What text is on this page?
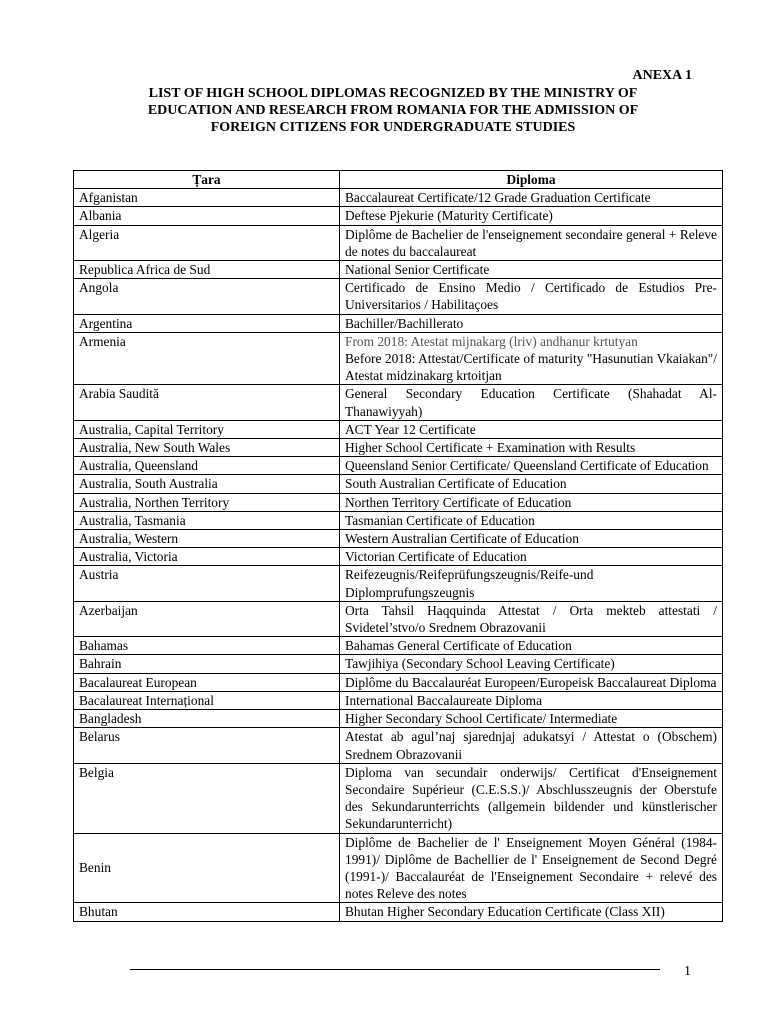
ANEXA 1
LIST OF HIGH SCHOOL DIPLOMAS RECOGNIZED BY THE MINISTRY OF
EDUCATION AND RESEARCH FROM ROMANIA FOR THE ADMISSION OF
FOREIGN CITIZENS FOR UNDERGRADUATE STUDIES
Țara	Diploma
Afganistan	Baccalaureat Certificate/12 Grade Graduation Certificate
Albania	Deftese Pjekurie (Maturity Certificate)
Algeria	Diplôme de Bachelier de l'enseignement secondaire general + Releve de notes du baccalaureat
Republica Africa de Sud	National Senior Certificate
Angola	Certificado de Ensino Medio / Certificado de Estudios Pre-Universitarios / Habilitaçoes
Argentina	Bachiller/Bachillerato
Armenia	From 2018: Atestat mijnakarg (lriv) andhanur krtutyan
Before 2018: Attestat/Certificate of maturity "Hasunutian Vkaiakan"/ Atestat midzinakarg krtoitjan

Arabia Saudită	General Secondary Education Certificate (Shahadat Al-Thanawiyyah)
Australia, Capital Territory	ACT Year 12 Certificate
Australia, New South Wales	Higher School Certificate + Examination with Results
Australia, Queensland	Queensland Senior Certificate/ Queensland Certificate of Education
Australia, South Australia	South Australian Certificate of Education
Australia, Northen Territory	Northen Territory Certificate of Education
Australia, Tasmania	Tasmanian Certificate of Education
Australia, Western	Western Australian Certificate of Education
Australia, Victoria	Victorian Certificate of Education
Austria	Reifezeugnis/Reifeprüfungszeugnis/Reife-und Diplomprufungszeugnis
Azerbaijan	Orta Tahsil Haqquinda Attestat / Orta mekteb attestati / Svidetel’stvo/o Srednem Obrazovanii
Bahamas	Bahamas General Certificate of Education
Bahrain	Tawjihiya (Secondary School Leaving Certificate)
Bacalaureat European	Diplôme du Baccalauréat Europeen/Europeisk Baccalaureat Diploma
Bacalaureat Internațional	International Baccalaureate Diploma
Bangladesh	Higher Secondary School Certificate/ Intermediate
Belarus	Atestat ab agul’naj sjarednjaj adukatsyi / Attestat o (Obschem) Srednem Obrazovanii
Belgia	Diploma van secundair onderwijs/ Certificat d'Enseignement Secondaire Supérieur (C.E.S.S.)/ Abschlusszeugnis der Oberstufe des Sekundarunterrichts (allgemein bildender und künstlerischer Sekundarunterricht)
Benin	Diplôme de Bachelier de l' Enseignement Moyen Général (1984-1991)/ Diplôme de Bachellier de l' Enseignement de Second Degré (1991-)/ Baccalauréat de l'Enseignement Secondaire + relevé des notes Releve des notes
Bhutan	Bhutan Higher Secondary Education Certificate (Class XII)
1
